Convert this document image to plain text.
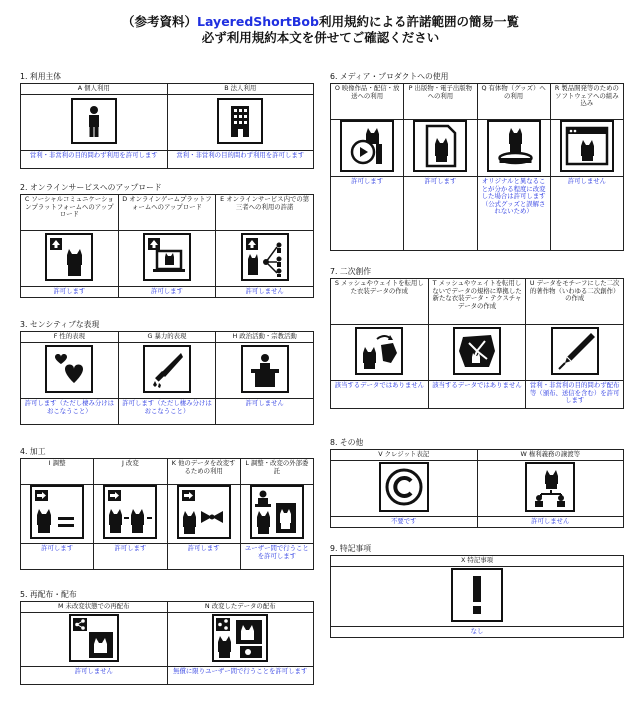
（参考資料）LayeredShortBob利用規約による許諾範囲の簡易一覧
必ず利用規約本文を併せてご確認ください
1. 利用主体
A 個人利用	B 法人利用

営利・非営利の目的問わず利用を許可します	営利・非営利の目的問わず利用を許可します
2. オンラインサービスへのアップロード
C ソーシャルコミュニケーションプラットフォームへのアップロード	D オンラインゲームプラットフォームへのアップロード	E オンラインサービス内での第三者への利用の許諾

許可します	許可します	許可しません
3. センシティブな表現
F 性的表現	G 暴力的表現	H 政治活動・宗教活動

許可します（ただし棲み分けはおこなうこと）	許可します（ただし棲み分けはおこなうこと）	許可しません
4. 加工
I 調整	J 改変	K 他のデータを改変するための利用	L 調整・改変の外部委託

許可します	許可します	許可します	ユーザー間で行うことを許可します
5. 再配布・配布
M 未改変状態での再配布	N 改変したデータの配布

許可しません	無償に限りユーザー間で行うことを許可します
6. メディア・プロダクトへの使用
O 映像作品・配信・放送への利用	P 出版物・電子出版物への利用	Q 有体物（グッズ）への利用	R 製品開発等のためのソフトウェアへの組み込み

許可します	許可します	オリジナルと異なることが分かる程度に改変した場合は許可します（公式グッズと誤解されないため）	許可しません
7. 二次創作
S メッシュやウェイトを転用した衣装データの作成	T メッシュやウェイトを転用しないでデータの規格に準拠した新たな衣装データ・テクスチャデータの作成	U データをモチーフにした二次的著作物（いわゆる二次創作）の作成

該当するデータではありません	該当するデータではありません	営利・非営利の目的問わず配布等（頒布、送信を含む）を許可します
8. その他
V クレジット表記	W 権利義務の譲渡等

不要です	許可しません
9. 特記事項
X 特記事項

なし
